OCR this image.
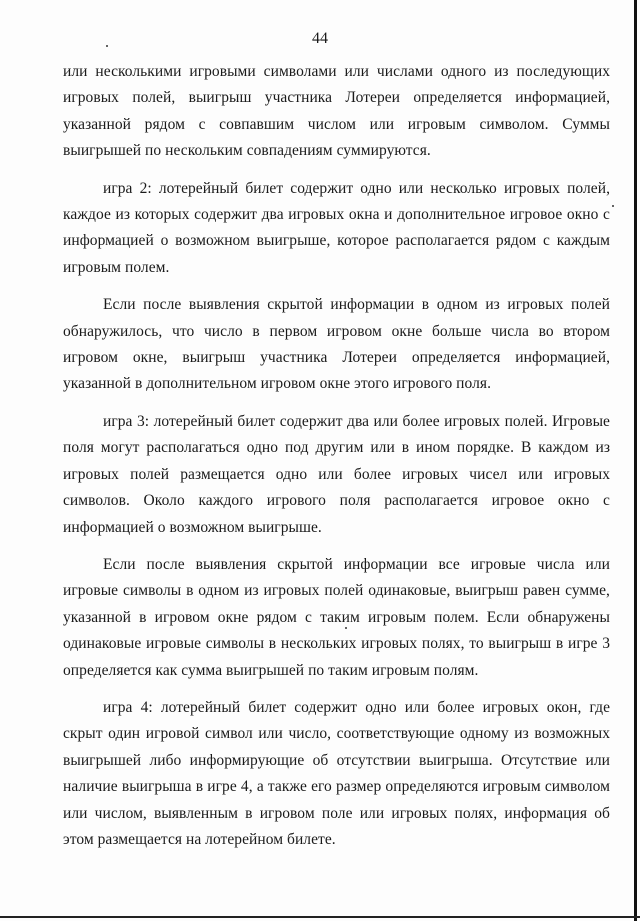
44

или несколькими игровыми символами или числами одного из последующих игровых полей, выигрыш участника Лотереи определяется информацией, указанной рядом с совпавшим числом или игровым символом. Суммы выигрышей по нескольким совпадениям суммируются.

игра 2: лотерейный билет содержит одно или несколько игровых полей, каждое из которых содержит два игровых окна и дополнительное игровое окно с информацией о возможном выигрыше, которое располагается рядом с каждым игровым полем.

Если после выявления скрытой информации в одном из игровых полей обнаружилось, что число в первом игровом окне больше числа во втором игровом окне, выигрыш участника Лотереи определяется информацией, указанной в дополнительном игровом окне этого игрового поля.

игра 3: лотерейный билет содержит два или более игровых полей. Игровые поля могут располагаться одно под другим или в ином порядке. В каждом из игровых полей размещается одно или более игровых чисел или игровых символов. Около каждого игрового поля располагается игровое окно с информацией о возможном выигрыше.

Если после выявления скрытой информации все игровые числа или игровые символы в одном из игровых полей одинаковые, выигрыш равен сумме, указанной в игровом окне рядом с таким игровым полем. Если обнаружены одинаковые игровые символы в нескольких игровых полях, то выигрыш в игре 3 определяется как сумма выигрышей по таким игровым полям.

игра 4: лотерейный билет содержит одно или более игровых окон, где скрыт один игровой символ или число, соответствующие одному из возможных выигрышей либо информирующие об отсутствии выигрыша. Отсутствие или наличие выигрыша в игре 4, а также его размер определяются игровым символом или числом, выявленным в игровом поле или игровых полях, информация об этом размещается на лотерейном билете.
